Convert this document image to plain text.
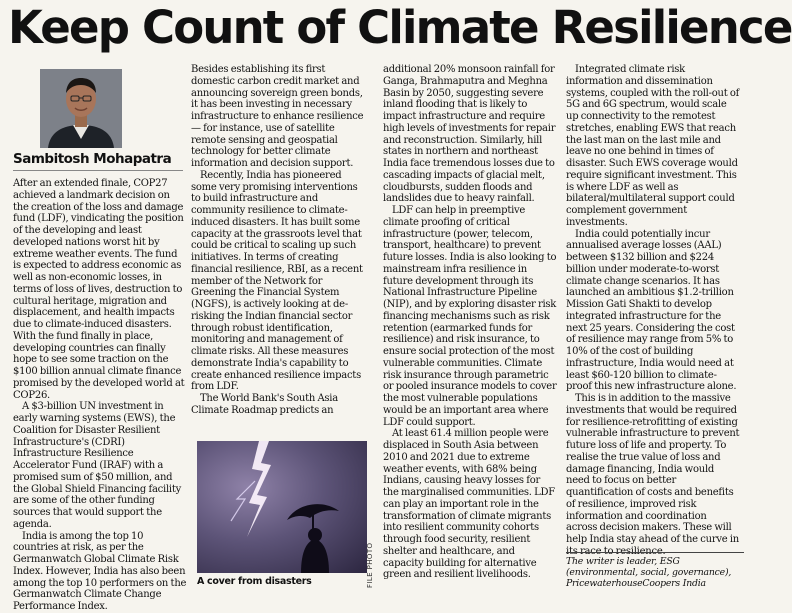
Keep Count of Climate Resilience
Sambitosh Mohapatra

After an extended finale, COP27 achieved a landmark decision on the creation of the loss and damage fund (LDF), vindicating the position of the developing and least developed nations worst hit by extreme weather events. The fund is expected to address economic as well as non-economic losses, in terms of loss of lives, destruction to cultural heritage, migration and displacement, and health impacts due to climate-induced disasters. With the fund finally in place, developing countries can finally hope to see some traction on the $100 billion annual climate finance promised by the developed world at COP26.

A $3-billion UN investment in early warning systems (EWS), the Coalition for Disaster Resilient Infrastructure's (CDRI) Infrastructure Resilience Accelerator Fund (IRAF) with a promised sum of $50 million, and the Global Shield Financing facility are some of the other funding sources that would support the agenda.

India is among the top 10 countries at risk, as per the Germanwatch Global Climate Risk Index. However, India has also been among the top 10 performers on the Germanwatch Climate Change Performance Index.

Besides establishing its first domestic carbon credit market and announcing sovereign green bonds, it has been investing in necessary infrastructure to enhance resilience — for instance, use of satellite remote sensing and geospatial technology for better climate information and decision support.

Recently, India has pioneered some very promising interventions to build infrastructure and community resilience to climate-induced disasters. It has built some capacity at the grassroots level that could be critical to scaling up such initiatives. In terms of creating financial resilience, RBI, as a recent member of the Network for Greening the Financial System (NGFS), is actively looking at de-risking the Indian financial sector through robust identification, monitoring and management of climate risks. All these measures demonstrate India's capability to create enhanced resilience impacts from LDF.

The World Bank's South Asia Climate Roadmap predicts an

FILE PHOTO
A cover from disasters

additional 20% monsoon rainfall for Ganga, Brahmaputra and Meghna Basin by 2050, suggesting severe inland flooding that is likely to impact infrastructure and require high levels of investments for repair and reconstruction. Similarly, hill states in northern and northeast India face tremendous losses due to cascading impacts of glacial melt, cloudbursts, sudden floods and landslides due to heavy rainfall.

LDF can help in preemptive climate proofing of critical infrastructure (power, telecom, transport, healthcare) to prevent future losses. India is also looking to mainstream infra resilience in future development through its National Infrastructure Pipeline (NIP), and by exploring disaster risk financing mechanisms such as risk retention (earmarked funds for resilience) and risk insurance, to ensure social protection of the most vulnerable communities. Climate risk insurance through parametric or pooled insurance models to cover the most vulnerable populations would be an important area where LDF could support.

At least 61.4 million people were displaced in South Asia between 2010 and 2021 due to extreme weather events, with 68% being Indians, causing heavy losses for the marginalised communities. LDF can play an important role in the transformation of climate migrants into resilient community cohorts through food security, resilient shelter and healthcare, and capacity building for alternative green and resilient livelihoods.

Integrated climate risk information and dissemination systems, coupled with the roll-out of 5G and 6G spectrum, would scale up connectivity to the remotest stretches, enabling EWS that reach the last man on the last mile and leave no one behind in times of disaster. Such EWS coverage would require significant investment. This is where LDF as well as bilateral/multilateral support could complement government investments.

India could potentially incur annualised average losses (AAL) between $132 billion and $224 billion under moderate-to-worst climate change scenarios. It has launched an ambitious $1.2-trillion Mission Gati Shakti to develop integrated infrastructure for the next 25 years. Considering the cost of resilience may range from 5% to 10% of the cost of building infrastructure, India would need at least $60-120 billion to climate-proof this new infrastructure alone.

This is in addition to the massive investments that would be required for resilience-retrofitting of existing vulnerable infrastructure to prevent future loss of life and property. To realise the true value of loss and damage financing, India would need to focus on better quantification of costs and benefits of resilience, improved risk information and coordination across decision makers. These will help India stay ahead of the curve in

The writer is leader, ESG (environmental, social, governance), PricewaterhouseCoopers India
